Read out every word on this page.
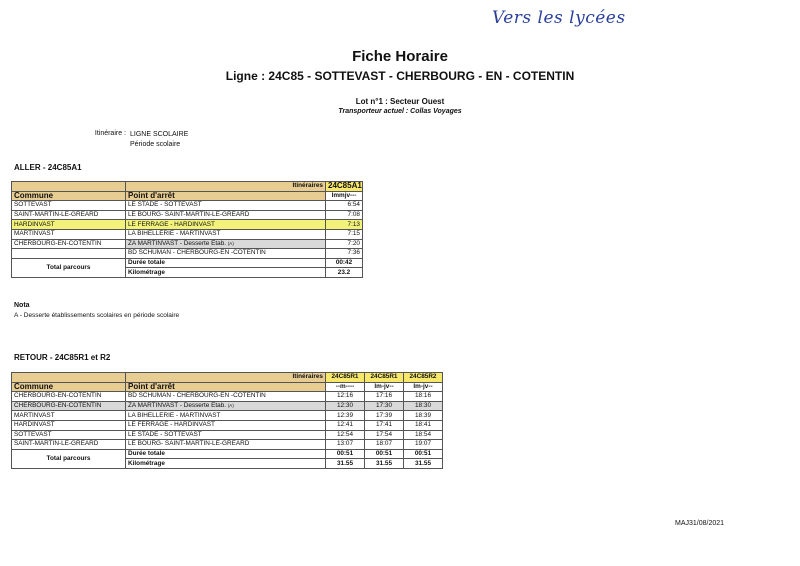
Vers les lycées
Fiche Horaire
Ligne : 24C85 - SOTTEVAST - CHERBOURG - EN - COTENTIN
Lot n°1 : Secteur Ouest
Transporteur actuel : Collas Voyages
Itinéraire : LIGNE SCOLAIRE
Période scolaire
ALLER - 24C85A1
	Itinéraires	24C85A1
Commune	Point d'arrêt	lmmjv---
SOTTEVAST	LE STADE - SOTTEVAST	6:54
SAINT-MARTIN-LE-GREARD	LE BOURG- SAINT-MARTIN-LE-GREARD	7:08
HARDINVAST	LE FERRAGE - HARDINVAST	7:13
MARTINVAST	LA BIHELLERIE - MARTINVAST	7:15
CHERBOURG-EN-COTENTIN	ZA MARTINVAST - Desserte Etab. $^{(A)}$	7:20
	BD SCHUMAN - CHERBOURG-EN -COTENTIN	7:36
Total parcours	Durée totale	00:42
	Kilométrage	23.2
Nota
A - Desserte établissements scolaires en période scolaire
RETOUR - 24C85R1 et R2
	Itinéraires	24C85R1	24C85R1	24C85R2
Commune	Point d'arrêt	--m----	lm-jv--	lm-jv--
CHERBOURG-EN-COTENTIN	BD SCHUMAN - CHERBOURG-EN -COTENTIN	12:16	17:16	18:16
CHERBOURG-EN-COTENTIN	ZA MARTINVAST - Desserte Etab. $^{(A)}$	12:30	17:30	18:30
MARTINVAST	LA BIHELLERIE - MARTINVAST	12:39	17:39	18:39
HARDINVAST	LE FERRAGE - HARDINVAST	12:41	17:41	18:41
SOTTEVAST	LE STADE - SOTTEVAST	12:54	17:54	18:54
SAINT-MARTIN-LE-GREARD	LE BOURG- SAINT-MARTIN-LE-GREARD	13:07	18:07	19:07
Total parcours	Durée totale	00:51	00:51	00:51
	Kilométrage	31.55	31.55	31.55
MAJ31/08/2021
